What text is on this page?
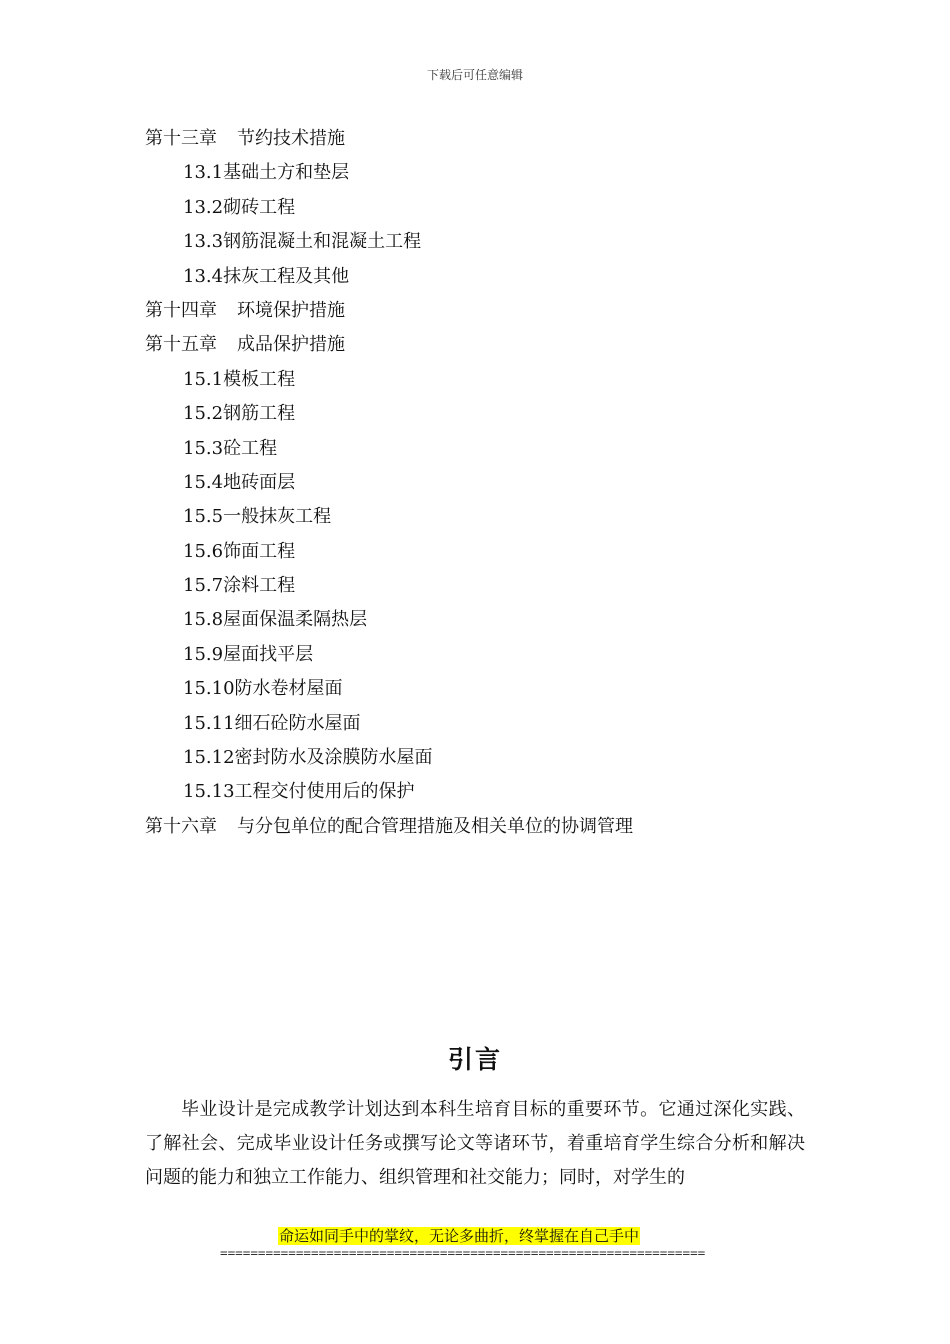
下载后可任意编辑
第十三章 节约技术措施
13.1基础土方和垫层
13.2砌砖工程
13.3钢筋混凝土和混凝土工程
13.4抹灰工程及其他
第十四章 环境保护措施
第十五章 成品保护措施
15.1模板工程
15.2钢筋工程
15.3砼工程
15.4地砖面层
15.5一般抹灰工程
15.6饰面工程
15.7涂料工程
15.8屋面保温柔隔热层
15.9屋面找平层
15.10防水卷材屋面
15.11细石砼防水屋面
15.12密封防水及涂膜防水屋面
15.13工程交付使用后的保护
第十六章 与分包单位的配合管理措施及相关单位的协调管理
引言
毕业设计是完成教学计划达到本科生培育目标的重要环节。它通过深化实践、了解社会、完成毕业设计任务或撰写论文等诸环节，着重培育学生综合分析和解决问题的能力和独立工作能力、组织管理和社交能力；同时，对学生的
命运如同手中的掌纹，无论多曲折，终掌握在自己手中
================================================================
